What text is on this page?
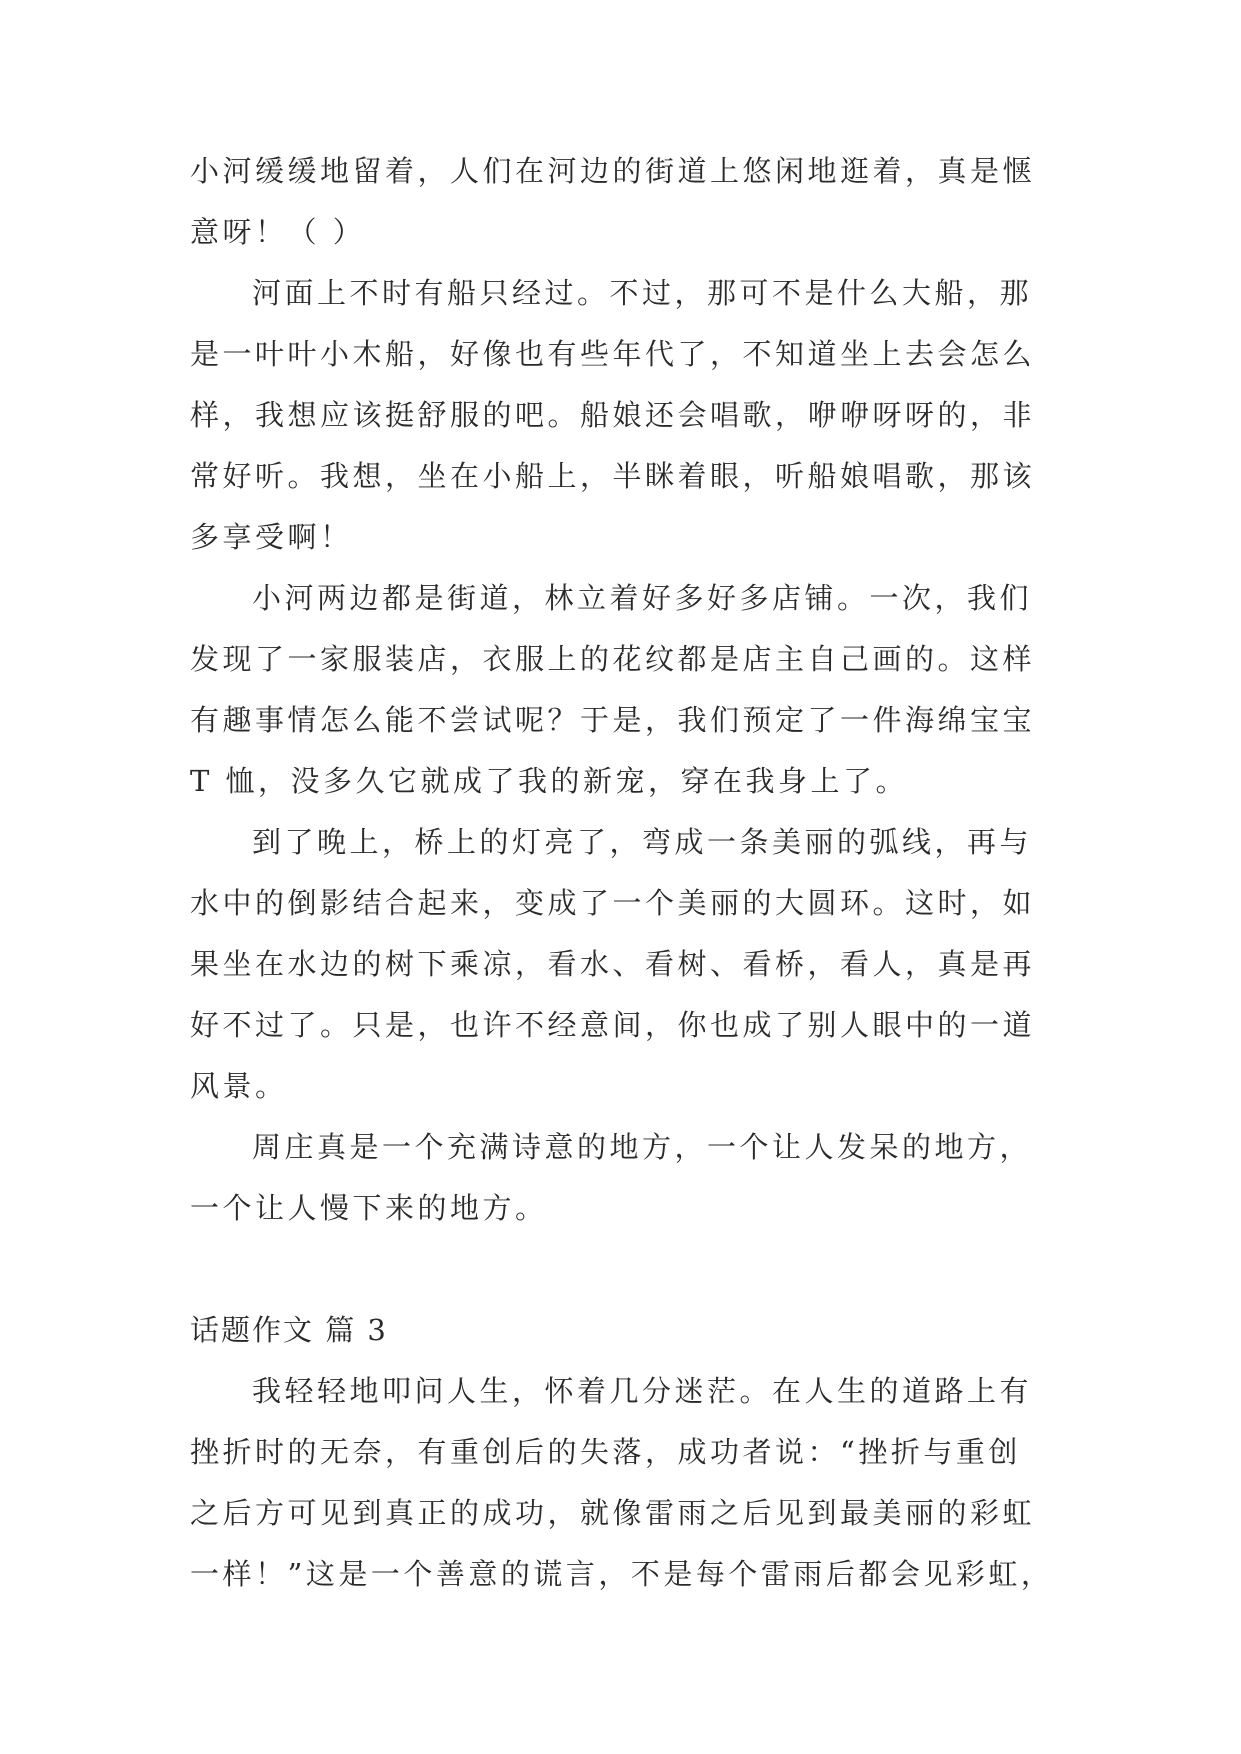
小河缓缓地留着，人们在河边的街道上悠闲地逛着，真是惬
意呀！（ ）
河面上不时有船只经过。不过，那可不是什么大船，那
是一叶叶小木船，好像也有些年代了，不知道坐上去会怎么
样，我想应该挺舒服的吧。船娘还会唱歌，咿咿呀呀的，非
常好听。我想，坐在小船上，半眯着眼，听船娘唱歌，那该
多享受啊！
小河两边都是街道，林立着好多好多店铺。一次，我们
发现了一家服装店，衣服上的花纹都是店主自己画的。这样
有趣事情怎么能不尝试呢？于是，我们预定了一件海绵宝宝
T 恤，没多久它就成了我的新宠，穿在我身上了。
到了晚上，桥上的灯亮了，弯成一条美丽的弧线，再与
水中的倒影结合起来，变成了一个美丽的大圆环。这时，如
果坐在水边的树下乘凉，看水、看树、看桥，看人，真是再
好不过了。只是，也许不经意间，你也成了别人眼中的一道
风景。
周庄真是一个充满诗意的地方，一个让人发呆的地方，
一个让人慢下来的地方。
话题作文 篇 3
我轻轻地叩问人生，怀着几分迷茫。在人生的道路上有
挫折时的无奈，有重创后的失落，成功者说：“挫折与重创
之后方可见到真正的成功，就像雷雨之后见到最美丽的彩虹
一样！”这是一个善意的谎言，不是每个雷雨后都会见彩虹，
